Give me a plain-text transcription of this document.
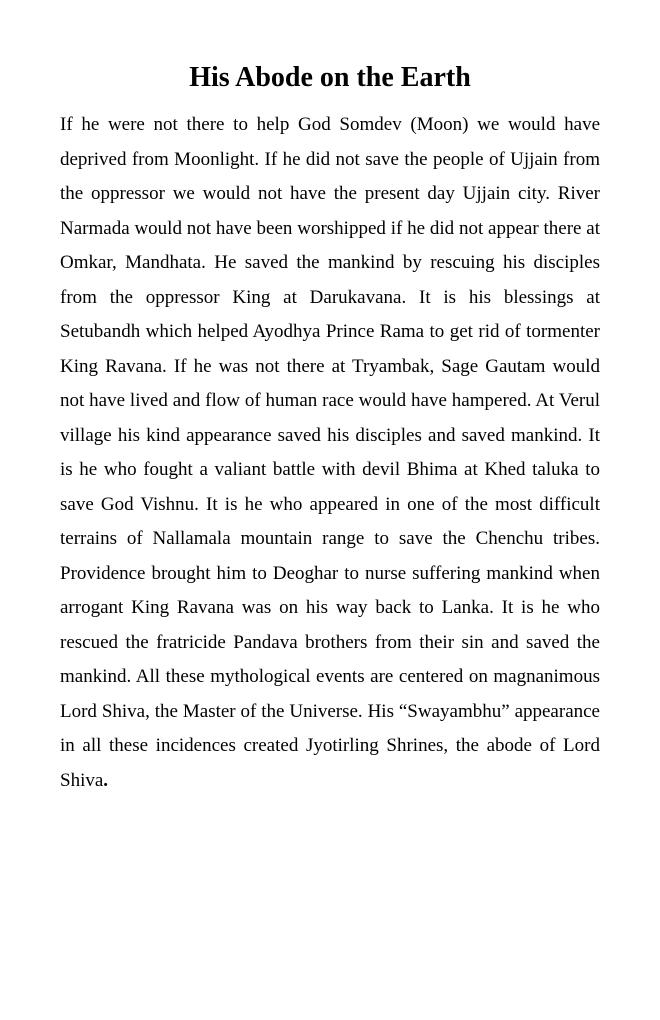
His Abode on the Earth

If he were not there to help God Somdev (Moon) we would have deprived from Moonlight. If he did not save the people of Ujjain from the oppressor we would not have the present day Ujjain city. River Narmada would not have been worshipped if he did not appear there at Omkar, Mandhata. He saved the mankind by rescuing his disciples from the oppressor King at Darukavana. It is his blessings at Setubandh which helped Ayodhya Prince Rama to get rid of tormenter King Ravana. If he was not there at Tryambak, Sage Gautam would not have lived and flow of human race would have hampered. At Verul village his kind appearance saved his disciples and saved mankind. It is he who fought a valiant battle with devil Bhima at Khed taluka to save God Vishnu. It is he who appeared in one of the most difficult terrains of Nallamala mountain range to save the Chenchu tribes. Providence brought him to Deoghar to nurse suffering mankind when arrogant King Ravana was on his way back to Lanka. It is he who rescued the fratricide Pandava brothers from their sin and saved the mankind. All these mythological events are centered on magnanimous Lord Shiva, the Master of the Universe. His “Swayambhu” appearance in all these incidences created Jyotirling Shrines, the abode of Lord Shiva.
